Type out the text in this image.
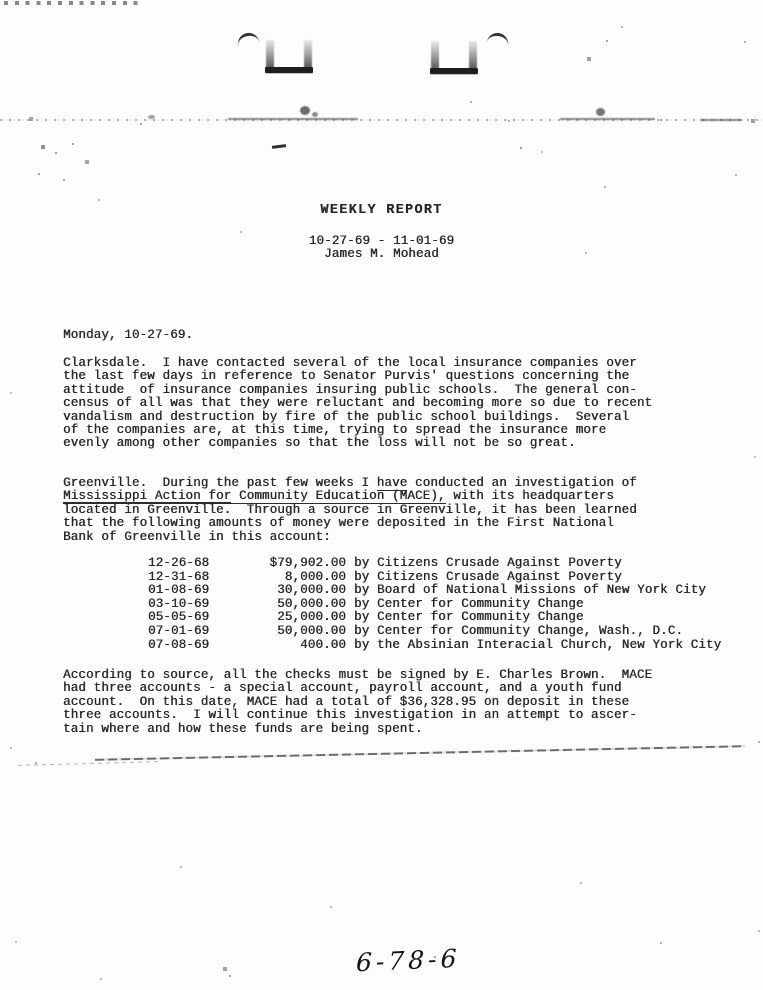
WEEKLY REPORT
10-27-69 - 11-01-69
James M. Mohead
Monday, 10-27-69.
Clarksdale.  I have contacted several of the local insurance companies over
the last few days in reference to Senator Purvis' questions concerning the
attitude  of insurance companies insuring public schools.  The general con-
census of all was that they were reluctant and becoming more so due to recent
vandalism and destruction by fire of the public school buildings.  Several
of the companies are, at this time, trying to spread the insurance more
evenly among other companies so that the loss will not be so great.
Greenville.  During the past few weeks I have conducted an investigation of
Mississippi Action for Community Education (MACE), with its headquarters
located in Greenville.  Through a source in Greenville, it has been learned
that the following amounts of money were deposited in the First National
Bank of Greenville in this account:
12-26-68	$79,902.00 by Citizens Crusade Against Poverty
12-31-68	8,000.00 by Citizens Crusade Against Poverty
01-08-69	30,000.00 by Board of National Missions of New York City
03-10-69	50,000.00 by Center for Community Change
05-05-69	25,000.00 by Center for Community Change
07-01-69	50,000.00 by Center for Community Change, Wash., D.C.
07-08-69	400.00 by the Absinian Interacial Church, New York City
According to source, all the checks must be signed by E. Charles Brown.  MACE
had three accounts - a special account, payroll account, and a youth fund
account.  On this date, MACE had a total of $36,328.95 on deposit in these
three accounts.  I will continue this investigation in an attempt to ascer-
tain where and how these funds are being spent.
6-78-6
